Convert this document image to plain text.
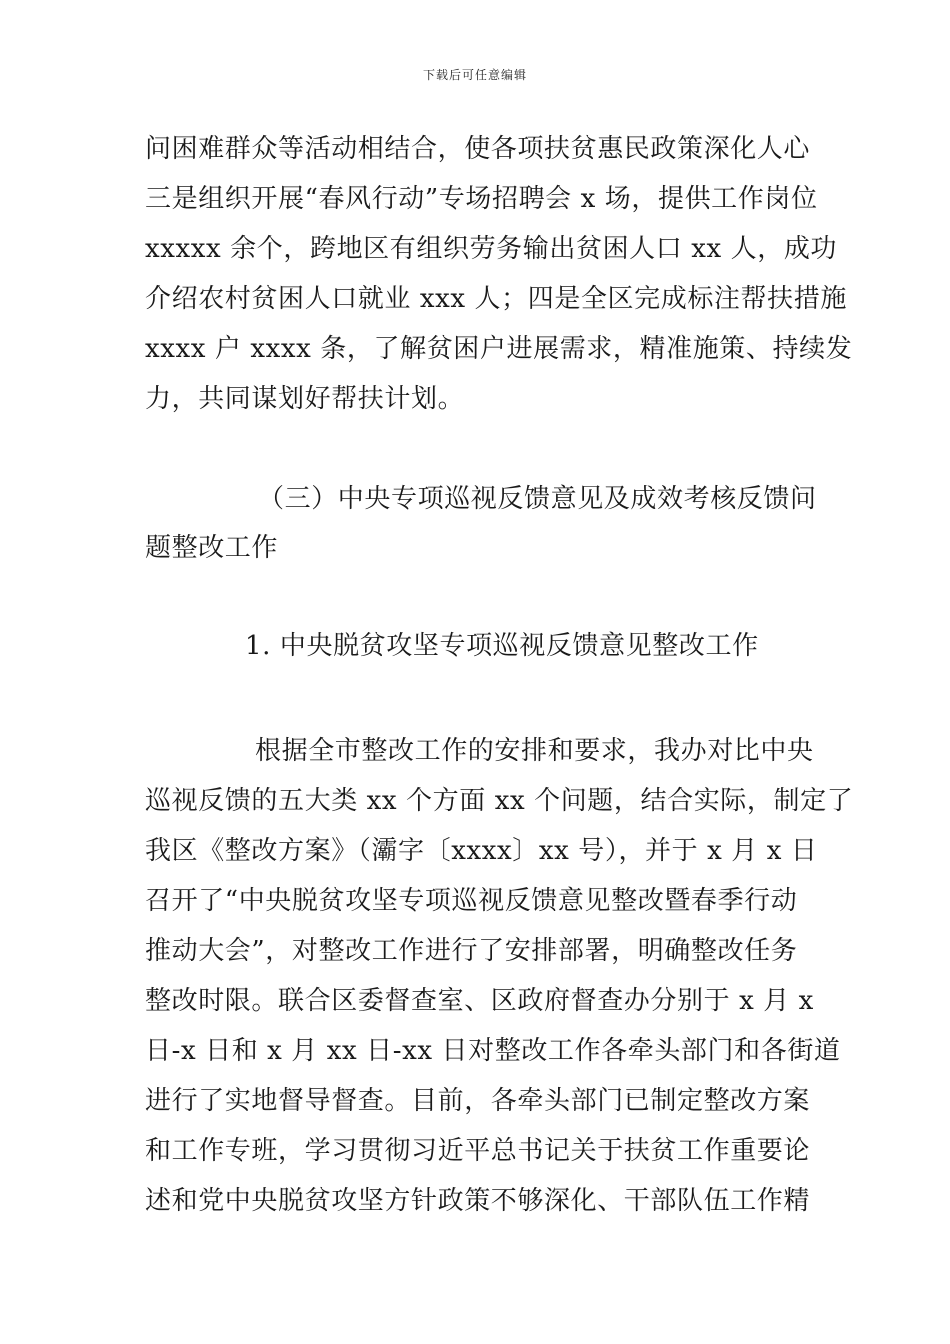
下载后可任意编辑
问困难群众等活动相结合，使各项扶贫惠民政策深化人心
三是组织开展“春风行动”专场招聘会 x 场，提供工作岗位
xxxxx 余个，跨地区有组织劳务输出贫困人口 xx 人，成功
介绍农村贫困人口就业 xxx 人；四是全区完成标注帮扶措施
xxxx 户 xxxx 条，了解贫困户进展需求，精准施策、持续发
力，共同谋划好帮扶计划。
（三）中央专项巡视反馈意见及成效考核反馈问
题整改工作
1. 中央脱贫攻坚专项巡视反馈意见整改工作
根据全市整改工作的安排和要求，我办对比中央
巡视反馈的五大类 xx 个方面 xx 个问题，结合实际，制定了
我区《整改方案》（灞字〔xxxx〕xx 号），并于 x 月 x 日
召开了“中央脱贫攻坚专项巡视反馈意见整改暨春季行动
推动大会”，对整改工作进行了安排部署，明确整改任务
整改时限。联合区委督查室、区政府督查办分别于 x 月 x
日-x 日和 x 月 xx 日-xx 日对整改工作各牵头部门和各街道
进行了实地督导督查。目前，各牵头部门已制定整改方案
和工作专班，学习贯彻习近平总书记关于扶贫工作重要论
述和党中央脱贫攻坚方针政策不够深化、干部队伍工作精
